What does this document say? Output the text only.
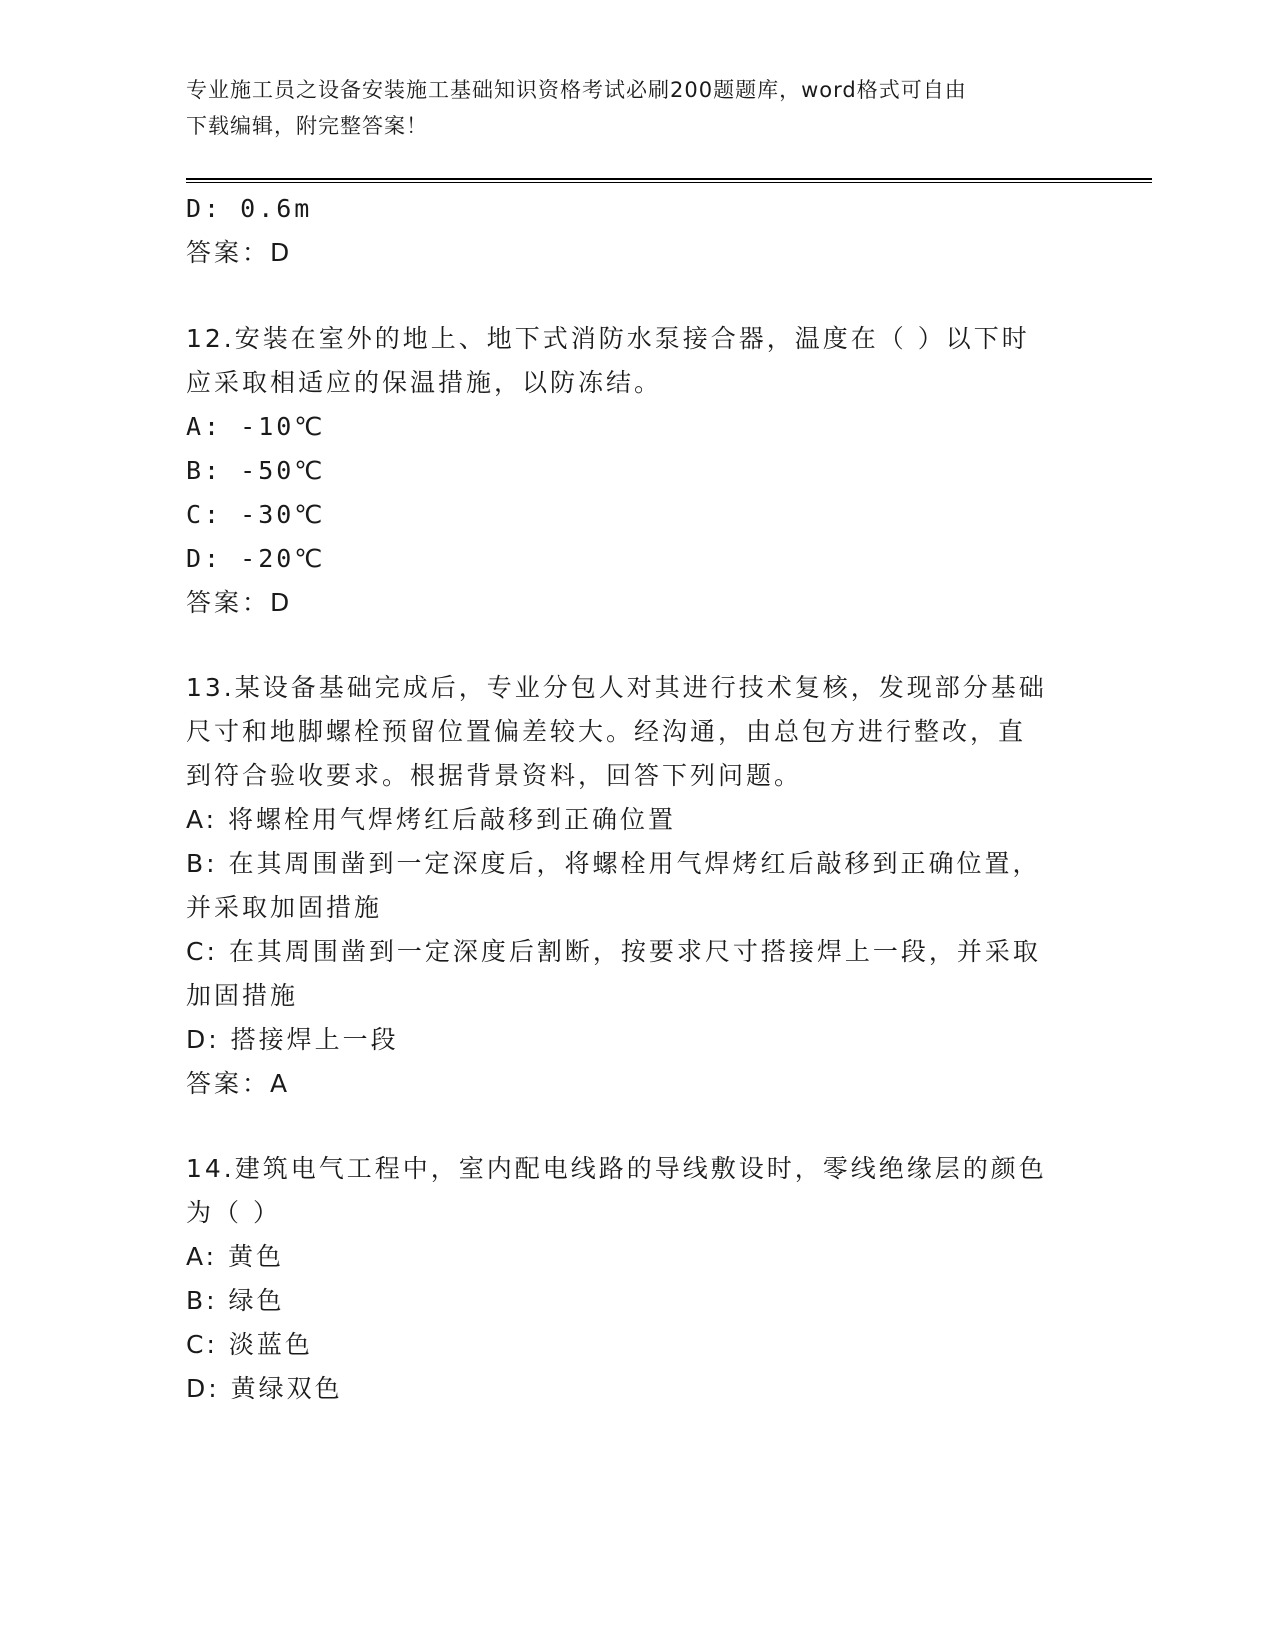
专业施工员之设备安装施工基础知识资格考试必刷200题题库，word格式可自由
下载编辑，附完整答案！
D: 0.6m
答案：D
12.安装在室外的地上、地下式消防水泵接合器，温度在（ ）以下时
应采取相适应的保温措施，以防冻结。
A: -10℃
B: -50℃
C: -30℃
D: -20℃
答案：D
13.某设备基础完成后，专业分包人对其进行技术复核，发现部分基础
尺寸和地脚螺栓预留位置偏差较大。经沟通，由总包方进行整改，直
到符合验收要求。根据背景资料，回答下列问题。
A: 将螺栓用气焊烤红后敲移到正确位置
B: 在其周围凿到一定深度后，将螺栓用气焊烤红后敲移到正确位置，
并采取加固措施
C: 在其周围凿到一定深度后割断，按要求尺寸搭接焊上一段，并采取
加固措施
D: 搭接焊上一段
答案：A
14.建筑电气工程中，室内配电线路的导线敷设时，零线绝缘层的颜色
为（ ）
A: 黄色
B: 绿色
C: 淡蓝色
D: 黄绿双色
